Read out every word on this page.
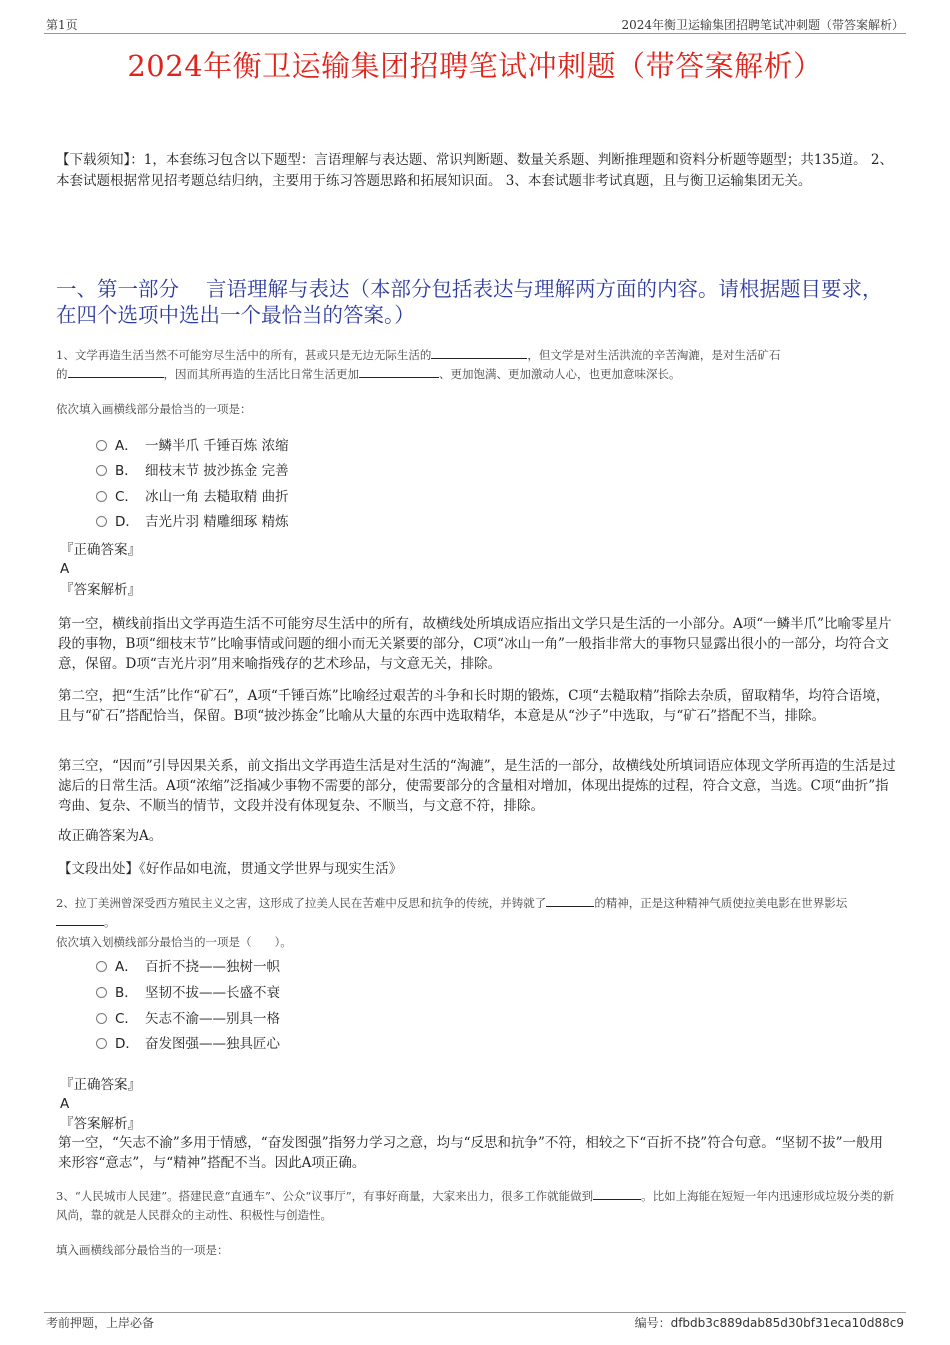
第1页	2024年衡卫运输集团招聘笔试冲刺题（带答案解析）
2024年衡卫运输集团招聘笔试冲刺题（带答案解析）
【下载须知】：1，本套练习包含以下题型：言语理解与表达题、常识判断题、数量关系题、判断推理题和资料分析题等题型；共135道。 2、本套试题根据常见招考题总结归纳，主要用于练习答题思路和拓展知识面。 3、本套试题非考试真题，且与衡卫运输集团无关。
一、第一部分　 言语理解与表达（本部分包括表达与理解两方面的内容。请根据题目要求，在四个选项中选出一个最恰当的答案。）
1、文学再造生活当然不可能穷尽生活中的所有，甚或只是无边无际生活的	，但文学是对生活洪流的辛苦淘漉，是对生活矿石
的	，因而其所再造的生活比日常生活更加	、更加饱满、更加激动人心，也更加意味深长。
依次填入画横线部分最恰当的一项是：
A． 一鳞半爪 千锤百炼 浓缩
B． 细枝末节 披沙拣金 完善
C． 冰山一角 去糙取精 曲折
D． 吉光片羽 精雕细琢 精炼
『正确答案』
A
『答案解析』
第一空，横线前指出文学再造生活不可能穷尽生活中的所有，故横线处所填成语应指出文学只是生活的一小部分。A项“一鳞半爪”比喻零星片段的事物，B项“细枝末节”比喻事情或问题的细小而无关紧要的部分，C项“冰山一角”一般指非常大的事物只显露出很小的一部分，均符合文意，保留。D项“吉光片羽”用来喻指残存的艺术珍品，与文意无关，排除。
第二空，把“生活”比作“矿石”，A项“千锤百炼”比喻经过艰苦的斗争和长时期的锻炼，C项“去糙取精”指除去杂质，留取精华，均符合语境，且与“矿石”搭配恰当，保留。B项“披沙拣金”比喻从大量的东西中选取精华，本意是从“沙子”中选取，与“矿石”搭配不当，排除。
第三空，“因而”引导因果关系，前文指出文学再造生活是对生活的“淘漉”，是生活的一部分，故横线处所填词语应体现文学所再造的生活是过滤后的日常生活。A项“浓缩”泛指减少事物不需要的部分，使需要部分的含量相对增加，体现出提炼的过程，符合文意，当选。C项“曲折”指弯曲、复杂、不顺当的情节，文段并没有体现复杂、不顺当，与文意不符，排除。
故正确答案为A。
【文段出处】《好作品如电流，贯通文学世界与现实生活》
2、拉丁美洲曾深受西方殖民主义之害，这形成了拉美人民在苦难中反思和抗争的传统，并铸就了	的精神，正是这种精神气质使拉美电影在世界影坛
。
依次填入划横线部分最恰当的一项是（　　）。
A． 百折不挠——独树一帜
B． 坚韧不拔——长盛不衰
C． 矢志不渝——别具一格
D． 奋发图强——独具匠心
『正确答案』
A
『答案解析』
第一空，“矢志不渝”多用于情感，“奋发图强”指努力学习之意，均与“反思和抗争”不符，相较之下“百折不挠”符合句意。“坚韧不拔”一般用来形容“意志”，与“精神”搭配不当。因此A项正确。
3、“人民城市人民建”。搭建民意“直通车”、公众“议事厅”，有事好商量，大家来出力，很多工作就能做到	。比如上海能在短短一年内迅速形成垃圾分类的新风尚，靠的就是人民群众的主动性、积极性与创造性。
填入画横线部分最恰当的一项是：
考前押题，上岸必备	编号：dfbdb3c889dab85d30bf31eca10d88c9
